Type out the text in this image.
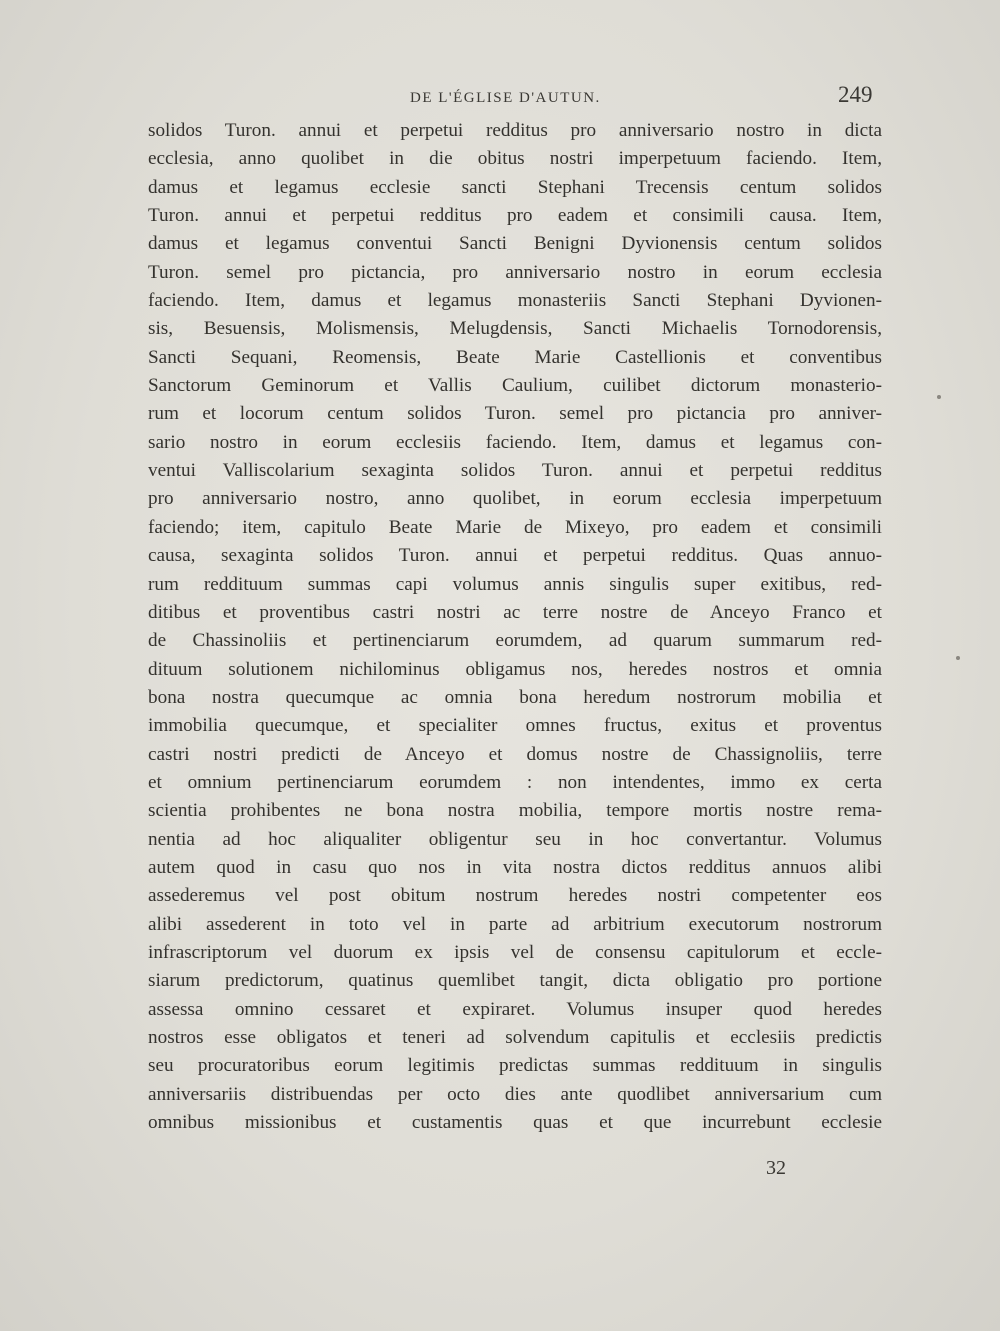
DE L'ÉGLISE D'AUTUN.	249
solidos Turon. annui et perpetui redditus pro anniversario nostro in dicta
ecclesia, anno quolibet in die obitus nostri imperpetuum faciendo. Item,
damus et legamus ecclesie sancti Stephani Trecensis centum solidos
Turon. annui et perpetui redditus pro eadem et consimili causa. Item,
damus et legamus conventui Sancti Benigni Dyvionensis centum solidos
Turon. semel pro pictancia, pro anniversario nostro in eorum ecclesia
faciendo. Item, damus et legamus monasteriis Sancti Stephani Dyvionen-
sis, Besuensis, Molismensis, Melugdensis, Sancti Michaelis Tornodorensis,
Sancti Sequani, Reomensis, Beate Marie Castellionis et conventibus
Sanctorum Geminorum et Vallis Caulium, cuilibet dictorum monasterio-
rum et locorum centum solidos Turon. semel pro pictancia pro anniver-
sario nostro in eorum ecclesiis faciendo. Item, damus et legamus con-
ventui Valliscolarium sexaginta solidos Turon. annui et perpetui redditus
pro anniversario nostro, anno quolibet, in eorum ecclesia imperpetuum
faciendo; item, capitulo Beate Marie de Mixeyo, pro eadem et consimili
causa, sexaginta solidos Turon. annui et perpetui redditus. Quas annuo-
rum reddituum summas capi volumus annis singulis super exitibus, red-
ditibus et proventibus castri nostri ac terre nostre de Anceyo Franco et
de Chassinoliis et pertinenciarum eorumdem, ad quarum summarum red-
dituum solutionem nichilominus obligamus nos, heredes nostros et omnia
bona nostra quecumque ac omnia bona heredum nostrorum mobilia et
immobilia quecumque, et specialiter omnes fructus, exitus et proventus
castri nostri predicti de Anceyo et domus nostre de Chassignoliis, terre
et omnium pertinenciarum eorumdem : non intendentes, immo ex certa
scientia prohibentes ne bona nostra mobilia, tempore mortis nostre rema-
nentia ad hoc aliqualiter obligentur seu in hoc convertantur. Volumus
autem quod in casu quo nos in vita nostra dictos redditus annuos alibi
assederemus vel post obitum nostrum heredes nostri competenter eos
alibi assederent in toto vel in parte ad arbitrium executorum nostrorum
infrascriptorum vel duorum ex ipsis vel de consensu capitulorum et eccle-
siarum predictorum, quatinus quemlibet tangit, dicta obligatio pro portione
assessa omnino cessaret et expiraret. Volumus insuper quod heredes
nostros esse obligatos et teneri ad solvendum capitulis et ecclesiis predictis
seu procuratoribus eorum legitimis predictas summas reddituum in singulis
anniversariis distribuendas per octo dies ante quodlibet anniversarium cum
omnibus missionibus et custamentis quas et que incurrebunt ecclesie
32
